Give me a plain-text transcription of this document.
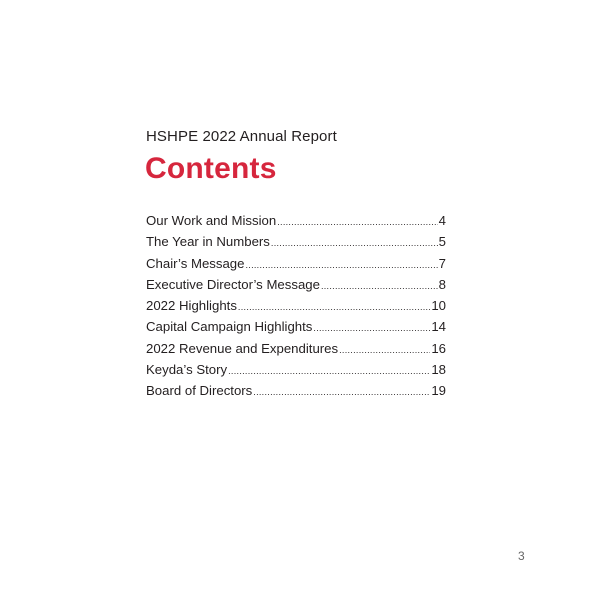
HSHPE 2022 Annual Report
Contents
Our Work and Mission .....	4
The Year in Numbers .....	5
Chair’s Message .....	7
Executive Director’s Message .....	8
2022 Highlights .....	10
Capital Campaign Highlights .....	14
2022 Revenue and Expenditures .....	16
Keyda’s Story .....	18
Board of Directors .....	19
3
